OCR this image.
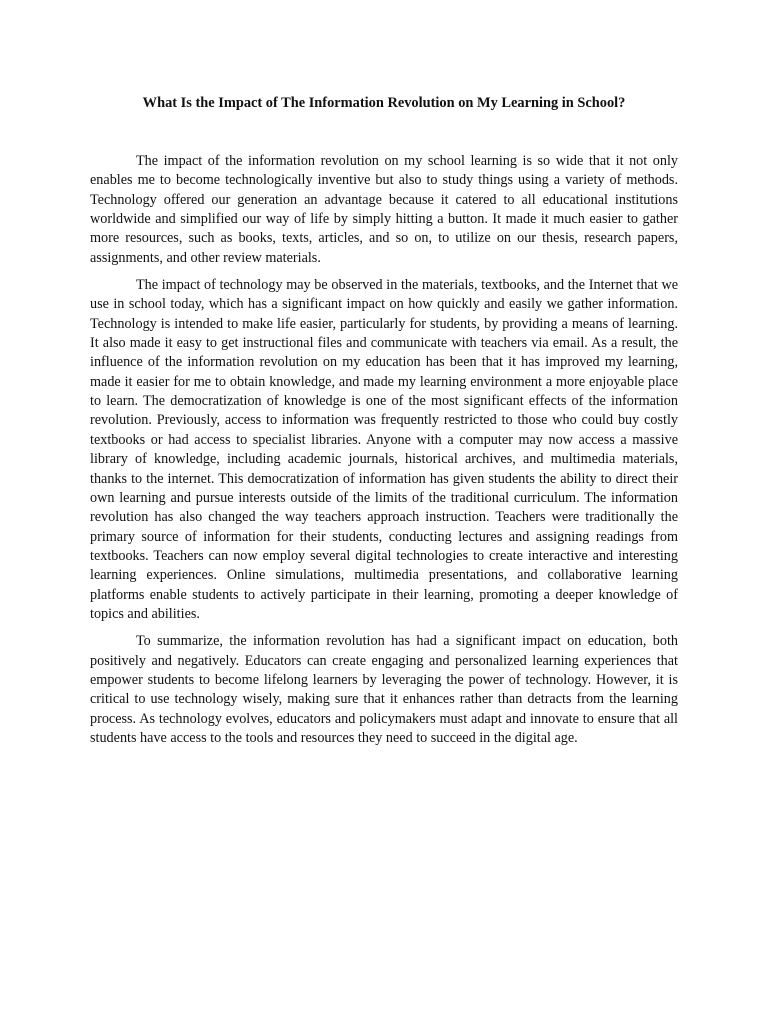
What Is the Impact of The Information Revolution on My Learning in School?

The impact of the information revolution on my school learning is so wide that it not only enables me to become technologically inventive but also to study things using a variety of methods. Technology offered our generation an advantage because it catered to all educational institutions worldwide and simplified our way of life by simply hitting a button. It made it much easier to gather more resources, such as books, texts, articles, and so on, to utilize on our thesis, research papers, assignments, and other review materials.

The impact of technology may be observed in the materials, textbooks, and the Internet that we use in school today, which has a significant impact on how quickly and easily we gather information. Technology is intended to make life easier, particularly for students, by providing a means of learning. It also made it easy to get instructional files and communicate with teachers via email. As a result, the influence of the information revolution on my education has been that it has improved my learning, made it easier for me to obtain knowledge, and made my learning environment a more enjoyable place to learn. The democratization of knowledge is one of the most significant effects of the information revolution. Previously, access to information was frequently restricted to those who could buy costly textbooks or had access to specialist libraries. Anyone with a computer may now access a massive library of knowledge, including academic journals, historical archives, and multimedia materials, thanks to the internet. This democratization of information has given students the ability to direct their own learning and pursue interests outside of the limits of the traditional curriculum. The information revolution has also changed the way teachers approach instruction. Teachers were traditionally the primary source of information for their students, conducting lectures and assigning readings from textbooks. Teachers can now employ several digital technologies to create interactive and interesting learning experiences. Online simulations, multimedia presentations, and collaborative learning platforms enable students to actively participate in their learning, promoting a deeper knowledge of topics and abilities.

To summarize, the information revolution has had a significant impact on education, both positively and negatively. Educators can create engaging and personalized learning experiences that empower students to become lifelong learners by leveraging the power of technology. However, it is critical to use technology wisely, making sure that it enhances rather than detracts from the learning process. As technology evolves, educators and policymakers must adapt and innovate to ensure that all students have access to the tools and resources they need to succeed in the digital age.
